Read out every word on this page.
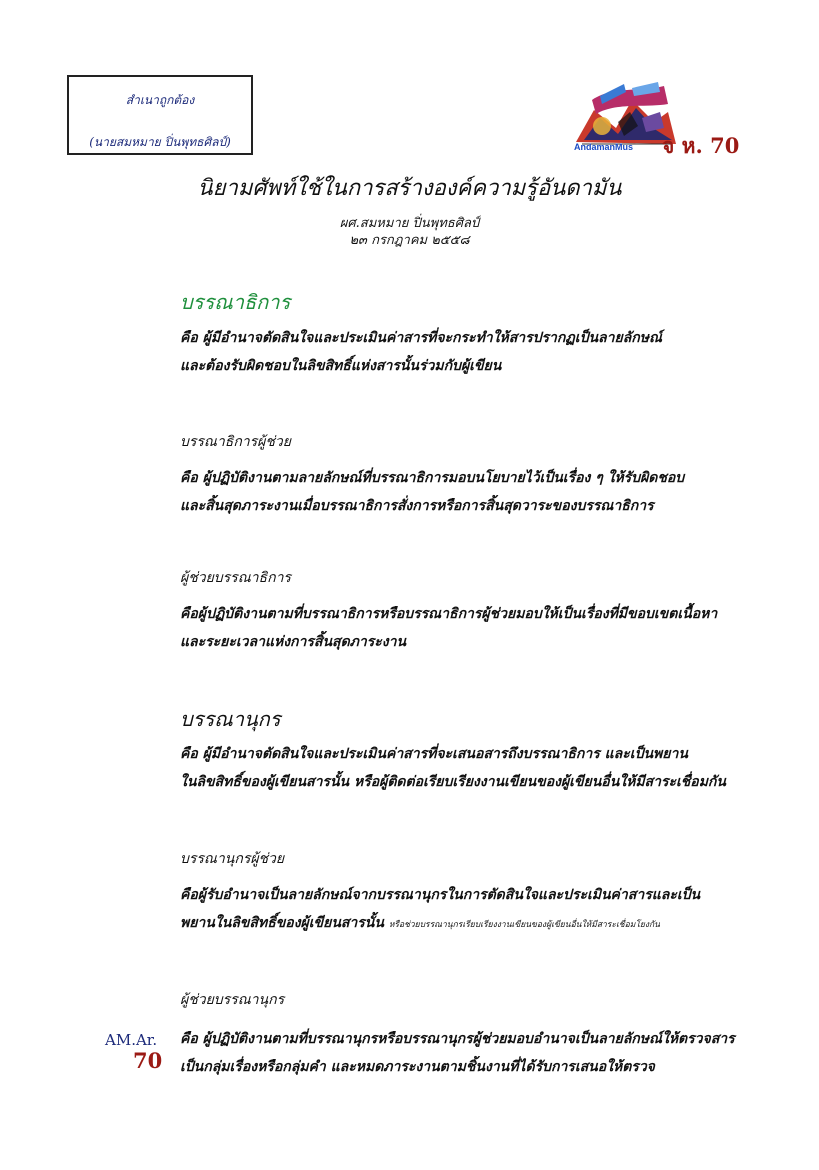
สำเนาถูกต้อง
(นายสมหมาย ปิ่นพุทธศิลป์)	AndamanMus จ ห. 70
นิยามศัพท์ใช้ในการสร้างองค์ความรู้อันดามัน
ผศ.สมหมาย ปิ่นพุทธศิลป์
๒๓ กรกฎาคม ๒๕๕๘
บรรณาธิการ
คือ ผู้มีอำนาจตัดสินใจและประเมินค่าสารที่จะกระทำให้สารปรากฏเป็นลายลักษณ์
และต้องรับผิดชอบในลิขสิทธิ์แห่งสารนั้นร่วมกับผู้เขียน
บรรณาธิการผู้ช่วย
คือ ผู้ปฏิบัติงานตามลายลักษณ์ที่บรรณาธิการมอบนโยบายไว้เป็นเรื่อง ๆ ให้รับผิดชอบ
และสิ้นสุดภาระงานเมื่อบรรณาธิการสั่งการหรือการสิ้นสุดวาระของบรรณาธิการ
ผู้ช่วยบรรณาธิการ
คือผู้ปฏิบัติงานตามที่บรรณาธิการหรือบรรณาธิการผู้ช่วยมอบให้เป็นเรื่องที่มีขอบเขตเนื้อหา
และระยะเวลาแห่งการสิ้นสุดภาระงาน
บรรณานุกร
คือ ผู้มีอำนาจตัดสินใจและประเมินค่าสารที่จะเสนอสารถึงบรรณาธิการ และเป็นพยาน
ในลิขสิทธิ์ของผู้เขียนสารนั้น หรือผู้ติดต่อเรียบเรียงงานเขียนของผู้เขียนอื่นให้มีสาระเชื่อมกัน
บรรณานุกรผู้ช่วย
คือผู้รับอำนาจเป็นลายลักษณ์จากบรรณานุกรในการตัดสินใจและประเมินค่าสารและเป็น
พยานในลิขสิทธิ์ของผู้เขียนสารนั้น หรือช่วยบรรณานุกรเรียบเรียงงานเขียนของผู้เขียนอื่นให้มีสาระเชื่อมโยงกัน
ผู้ช่วยบรรณานุกร
คือ ผู้ปฏิบัติงานตามที่บรรณานุกรหรือบรรณานุกรผู้ช่วยมอบอำนาจเป็นลายลักษณ์ให้ตรวจสาร
เป็นกลุ่มเรื่องหรือกลุ่มคำ และหมดภาระงานตามชิ้นงานที่ได้รับการเสนอให้ตรวจ
AM.Ar.
70
